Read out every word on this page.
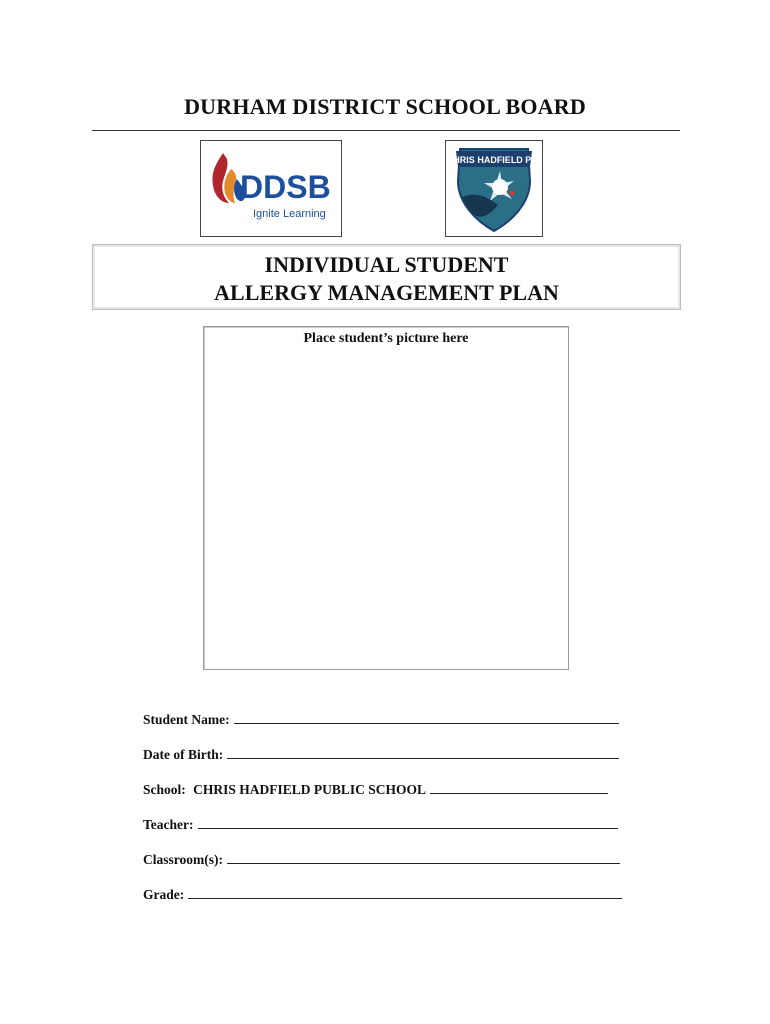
DURHAM DISTRICT SCHOOL BOARD
DDSB
Ignite Learning
CHRIS HADFIELD P.S.
INDIVIDUAL STUDENT
ALLERGY MANAGEMENT PLAN
Place student’s picture here
Student Name:
Date of Birth:
School: CHRIS HADFIELD PUBLIC SCHOOL
Teacher:
Classroom(s):
Grade:
